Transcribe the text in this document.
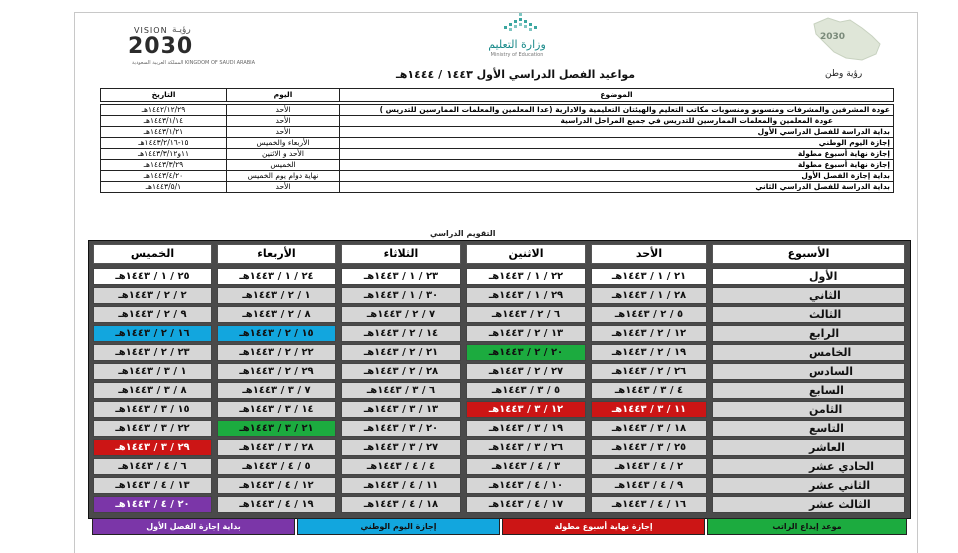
VISION رؤيـة
2030
المملكة العربية السعودية KINGDOM OF SAUDI ARABIA
وزارة التعليم
Ministry of Education
2030
رؤية وطن
مواعيد الفصل الدراسي الأول ١٤٤٣ / ١٤٤٤هـ
التاريخ	اليوم	الموضوع

١٤٤٢/١٢/٢٩هـ	الأحد	عودة المشرفين والمشرفات ومنسوبو ومنسوبات مكاتب التعليم والهيئتان التعليمية والادارية (عدا المعلمين والمعلمات الممارسين للتدريس )
١٤٤٣/١/١٤هـ	الأحد	عودة المعلمين والمعلمات الممارسين للتدريس في جميع المراحل الدراسية
١٤٤٣/١/٢١هـ	الأحد	بداية الدراسة للفصل الدراسي الأول
١٥-١٤٤٣/٢/١٦هـ	الأربعاء والخميس	إجازة اليوم الوطني
١١و١٤٤٣/٣/١٢هـ	الأحد و الاثنين	إجازة نهاية أسبوع مطولة
١٤٤٣/٣/٢٩هـ	الخميس	إجازة نهاية أسبوع مطولة
١٤٤٣/٤/٢٠هـ	نهاية دوام يوم الخميس	بداية إجازة الفصل الأول
١٤٤٣/٥/١هـ	الأحد	بداية الدراسة للفصل الدراسي الثاني
التقويم الدراسي
الخميس	الأربعاء	الثلاثاء	الاثنين	الأحد	الأسبوع
٢٥ / ١ / ١٤٤٣هـ	٢٤ / ١ / ١٤٤٣هـ	٢٣ / ١ / ١٤٤٣هـ	٢٢ / ١ / ١٤٤٣هـ	٢١ / ١ / ١٤٤٣هـ	الأول
٢ / ٢ / ١٤٤٣هـ	١ / ٢ / ١٤٤٣هـ	٣٠ / ١ / ١٤٤٣هـ	٢٩ / ١ / ١٤٤٣هـ	٢٨ / ١ / ١٤٤٣هـ	الثاني
٩ / ٢ / ١٤٤٣هـ	٨ / ٢ / ١٤٤٣هـ	٧ / ٢ / ١٤٤٣هـ	٦ / ٢ / ١٤٤٣هـ	٥ / ٢ / ١٤٤٣هـ	الثالث
١٦ / ٢ / ١٤٤٣هـ	١٥ / ٢ / ١٤٤٣هـ	١٤ / ٢ / ١٤٤٣هـ	١٣ / ٢ / ١٤٤٣هـ	١٢ / ٢ / ١٤٤٣هـ	الرابع
٢٣ / ٢ / ١٤٤٣هـ	٢٢ / ٢ / ١٤٤٣هـ	٢١ / ٢ / ١٤٤٣هـ	٢٠ / ٢ / ١٤٤٣هـ	١٩ / ٢ / ١٤٤٣هـ	الخامس
١ / ٣ / ١٤٤٣هـ	٢٩ / ٢ / ١٤٤٣هـ	٢٨ / ٢ / ١٤٤٣هـ	٢٧ / ٢ / ١٤٤٣هـ	٢٦ / ٢ / ١٤٤٣هـ	السادس
٨ / ٣ / ١٤٤٣هـ	٧ / ٣ / ١٤٤٣هـ	٦ / ٣ / ١٤٤٣هـ	٥ / ٣ / ١٤٤٣هـ	٤ / ٣ / ١٤٤٣هـ	السابع
١٥ / ٣ / ١٤٤٣هـ	١٤ / ٣ / ١٤٤٣هـ	١٣ / ٣ / ١٤٤٣هـ	١٢ / ٣ / ١٤٤٣هـ	١١ / ٣ / ١٤٤٣هـ	الثامن
٢٢ / ٣ / ١٤٤٣هـ	٢١ / ٣ / ١٤٤٣هـ	٢٠ / ٣ / ١٤٤٣هـ	١٩ / ٣ / ١٤٤٣هـ	١٨ / ٣ / ١٤٤٣هـ	التاسع
٢٩ / ٣ / ١٤٤٣هـ	٢٨ / ٣ / ١٤٤٣هـ	٢٧ / ٣ / ١٤٤٣هـ	٢٦ / ٣ / ١٤٤٣هـ	٢٥ / ٣ / ١٤٤٣هـ	العاشر
٦ / ٤ / ١٤٤٣هـ	٥ / ٤ / ١٤٤٣هـ	٤ / ٤ / ١٤٤٣هـ	٣ / ٤ / ١٤٤٣هـ	٢ / ٤ / ١٤٤٣هـ	الحادي عشر
١٣ / ٤ / ١٤٤٣هـ	١٢ / ٤ / ١٤٤٣هـ	١١ / ٤ / ١٤٤٣هـ	١٠ / ٤ / ١٤٤٣هـ	٩ / ٤ / ١٤٤٣هـ	الثاني عشر
٢٠ / ٤ / ١٤٤٣هـ	١٩ / ٤ / ١٤٤٣هـ	١٨ / ٤ / ١٤٤٣هـ	١٧ / ٤ / ١٤٤٣هـ	١٦ / ٤ / ١٤٤٣هـ	الثالث عشر
بداية إجازة الفصل الأول	إجازة اليوم الوطني	إجازة نهاية أسبوع مطولة	موعد إيداع الراتب
